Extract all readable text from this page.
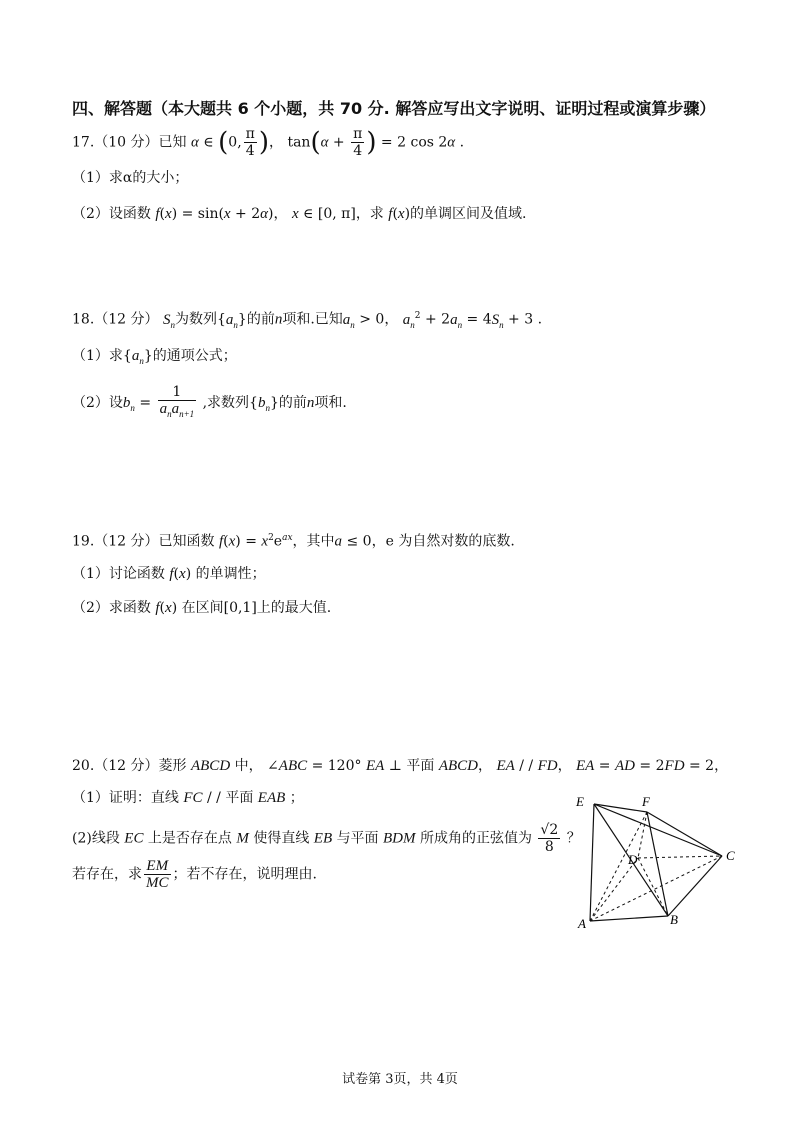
四、解答题（本大题共 6 个小题，共 70 分. 解答应写出文字说明、证明过程或演算步骤）
17.（10 分）已知 α ∈ (0, $\frac{\pi}{4}$ )， $\tan(\alpha + \frac{\pi}{4}$ ) = 2 cos 2α .
（1）求α的大小；
（2）设函数 f(x) = sin(x + 2α)， x ∈ [0, π]，求 f(x)的单调区间及值域.
18.（12 分） $S_n$为数列$\{a_n\}$的前n项和.已知$a_n > 0$， $a_n^2 + 2a_n = 4S_n + 3$ .
（1）求$\{a_n\}$的通项公式；
（2）设$b_n = \frac{1}{a_na_{n+1}}$ ,求数列$\{b_n\}$的前n项和.
19.（12 分）已知函数 $f(x) = x^2e^{ax}$，其中a ≤ 0，e 为自然对数的底数.
（1）讨论函数 f(x) 的单调性；
（2）求函数 f(x) 在区间[0,1]上的最大值.
20.（12 分）菱形 ABCD 中， ∠ABC = 120° EA ⊥ 平面 ABCD， EA / / FD， EA = AD = 2FD = 2，
（1）证明：直线 FC / / 平面 EAB ；
(2)线段 EC 上是否存在点 M 使得直线 EB 与平面 BDM 所成角的正弦值为 $\frac{√2}{8}$ ？
若存在，求 $\frac{EM}{MC}$ ；若不存在，说明理由.
E	F
D	C
A	B
试卷第 3页，共 4页
